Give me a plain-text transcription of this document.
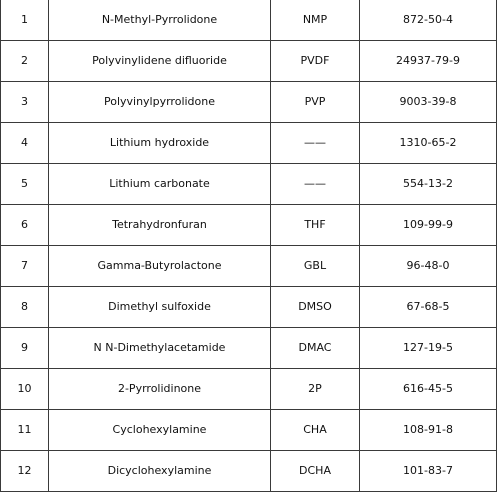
1	N-Methyl-Pyrrolidone	NMP	872-50-4
2	Polyvinylidene difluoride	PVDF	24937-79-9
3	Polyvinylpyrrolidone	PVP	9003-39-8
4	Lithium hydroxide	——	1310-65-2
5	Lithium carbonate	——	554-13-2
6	Tetrahydronfuran	THF	109-99-9
7	Gamma-Butyrolactone	GBL	96-48-0
8	Dimethyl sulfoxide	DMSO	67-68-5
9	N N-Dimethylacetamide	DMAC	127-19-5
10	2-Pyrrolidinone	2P	616-45-5
11	Cyclohexylamine	CHA	108-91-8
12	Dicyclohexylamine	DCHA	101-83-7
